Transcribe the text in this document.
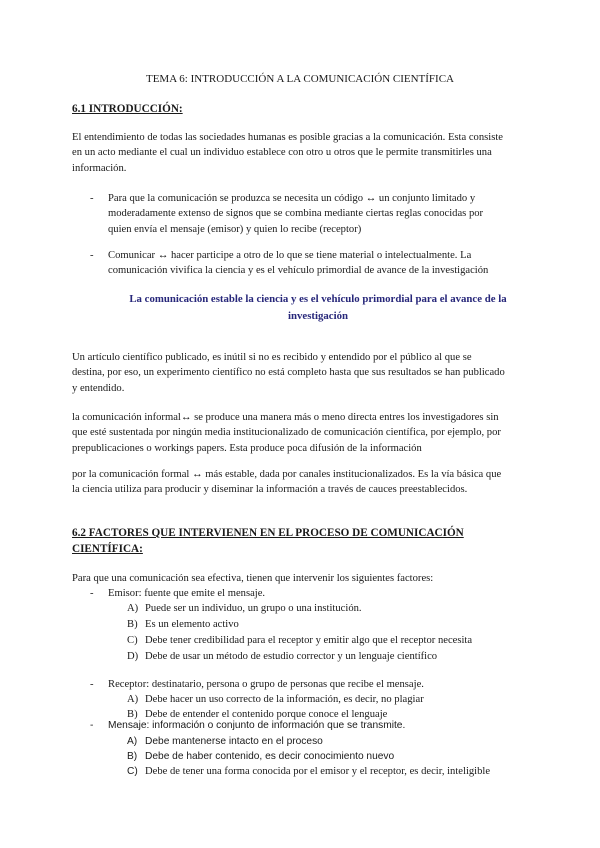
TEMA 6: INTRODUCCIÓN A LA COMUNICACIÓN CIENTÍFICA
6.1 INTRODUCCIÓN:
El entendimiento de todas las sociedades humanas es posible gracias a la comunicación. Esta consiste
en un acto mediante el cual un individuo establece con otro u otros que le permite transmitirles una
información.
- Para que la comunicación se produzca se necesita un código ↔ un conjunto limitado y
moderadamente extenso de signos que se combina mediante ciertas reglas conocidas por
quien envía el mensaje (emisor) y quien lo recibe (receptor)
- Comunicar ↔ hacer participe a otro de lo que se tiene material o intelectualmente. La
comunicación vivifica la ciencia y es el vehículo primordial de avance de la investigación
La comunicación estable la ciencia y es el vehículo primordial para el avance de la
investigación
Un artículo científico publicado, es inútil si no es recibido y entendido por el público al que se
destina, por eso, un experimento científico no está completo hasta que sus resultados se han publicado
y entendido.
la comunicación informal↔ se produce una manera más o meno directa entres los investigadores sin
que esté sustentada por ningún media institucionalizado de comunicación científica, por ejemplo, por
prepublicaciones o workings papers. Esta produce poca difusión de la información
por la comunicación formal ↔ más estable, dada por canales institucionalizados. Es la vía básica que
la ciencia utiliza para producir y diseminar la información a través de cauces preestablecidos.
6.2 FACTORES QUE INTERVIENEN EN EL PROCESO DE COMUNICACIÓN
CIENTÍFICA:
Para que una comunicación sea efectiva, tienen que intervenir los siguientes factores:
- Emisor: fuente que emite el mensaje.
A) Puede ser un individuo, un grupo o una institución.
B) Es un elemento activo
C) Debe tener credibilidad para el receptor y emitir algo que el receptor necesita
D) Debe de usar un método de estudio corrector y un lenguaje científico
- Receptor: destinatario, persona o grupo de personas que recibe el mensaje.
A) Debe hacer un uso correcto de la información, es decir, no plagiar
B) Debe de entender el contenido porque conoce el lenguaje
- Mensaje: información o conjunto de información que se transmite.
A) Debe mantenerse intacto en el proceso
B) Debe de haber contenido, es decir conocimiento nuevo
C) Debe de tener una forma conocida por el emisor y el receptor, es decir, inteligible
